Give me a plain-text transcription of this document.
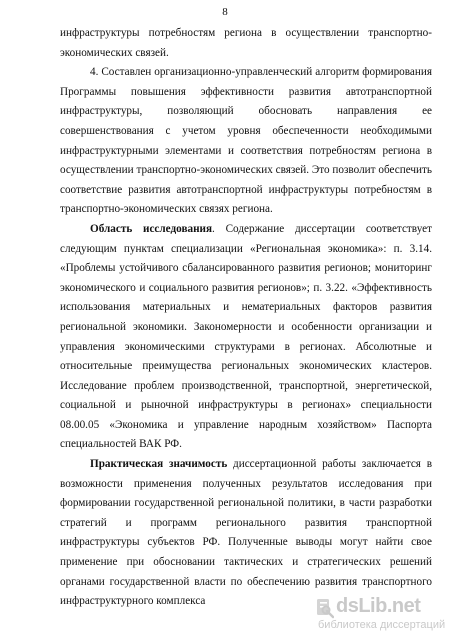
8

инфраструктуры потребностям региона в осуществлении транспортно-экономических связей.

4. Составлен организационно-управленческий алгоритм формирования Программы повышения эффективности развития автотранспортной инфраструктуры, позволяющий обосновать направления ее совершенствования с учетом уровня обеспеченности необходимыми инфраструктурными элементами и соответствия потребностям региона в осуществлении транспортно-экономических связей. Это позволит обеспечить соответствие развития автотранспортной инфраструктуры потребностям в транспортно-экономических связях региона.

Область исследования. Содержание диссертации соответствует следующим пунктам специализации «Региональная экономика»: п. 3.14. «Проблемы устойчивого сбалансированного развития регионов; мониторинг экономического и социального развития регионов»; п. 3.22. «Эффективность использования материальных и нематериальных факторов развития региональной экономики. Закономерности и особенности организации и управления экономическими структурами в регионах. Абсолютные и относительные преимущества региональных экономических кластеров. Исследование проблем производственной, транспортной, энергетической, социальной и рыночной инфраструктуры в регионах» специальности 08.00.05 «Экономика и управление народным хозяйством» Паспорта специальностей ВАК РФ.

Практическая значимость диссертационной работы заключается в возможности применения полученных результатов исследования при формировании государственной региональной политики, в части разработки стратегий и программ регионального развития транспортной инфраструктуры субъектов РФ. Полученные выводы могут найти свое применение при обосновании тактических и стратегических решений органами государственной власти по обеспечению развития транспортного инфраструктурного комплекса	dsLib.net
библиотека диссертаций
